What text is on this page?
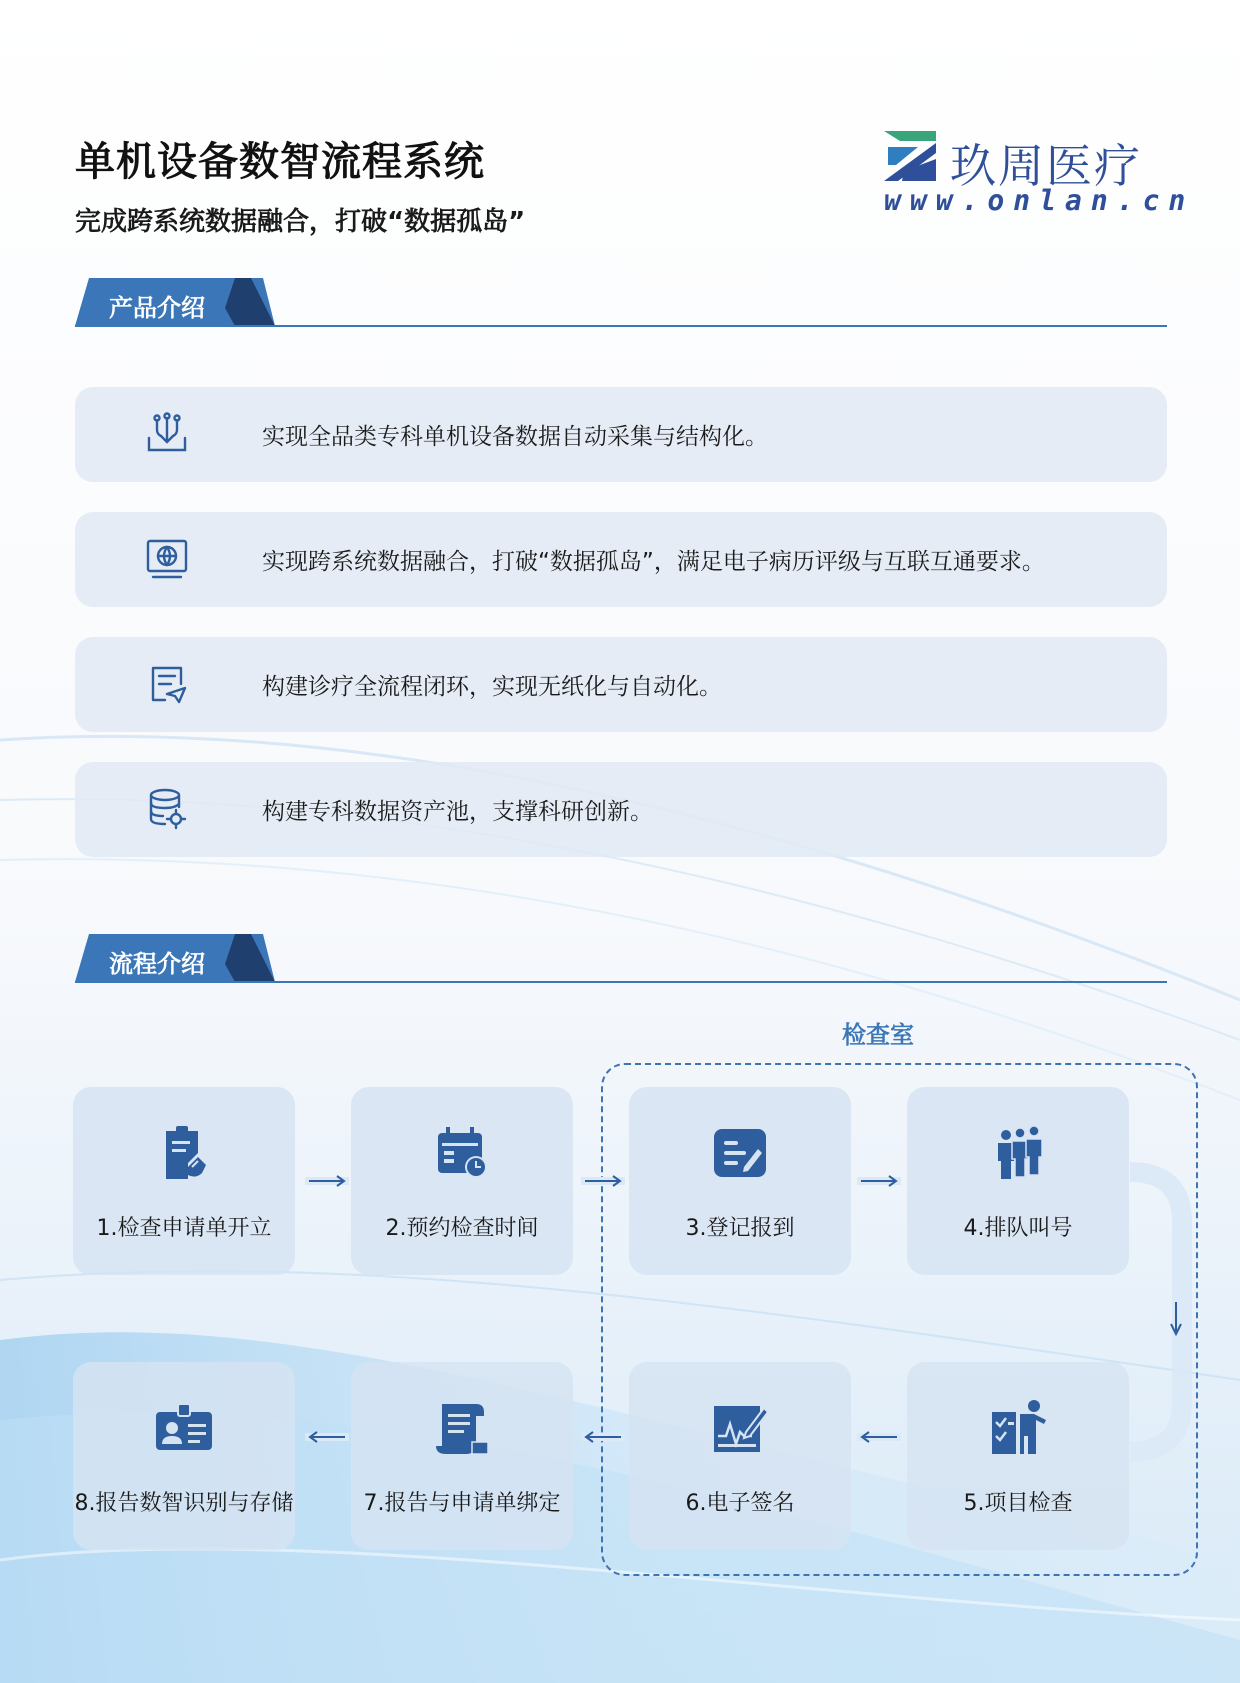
单机设备数智流程系统
完成跨系统数据融合，打破“数据孤岛”
玖周医疗
www.onlan.cn
产品介绍
实现全品类专科单机设备数据自动采集与结构化。
实现跨系统数据融合，打破“数据孤岛”，满足电子病历评级与互联互通要求。
构建诊疗全流程闭环，实现无纸化与自动化。
构建专科数据资产池，支撑科研创新。
流程介绍
检查室
1.检查申请单开立	2.预约检查时间	3.登记报到	4.排队叫号
5.项目检查
6.电子签名
7.报告与申请单绑定
8.报告数智识别与存储
